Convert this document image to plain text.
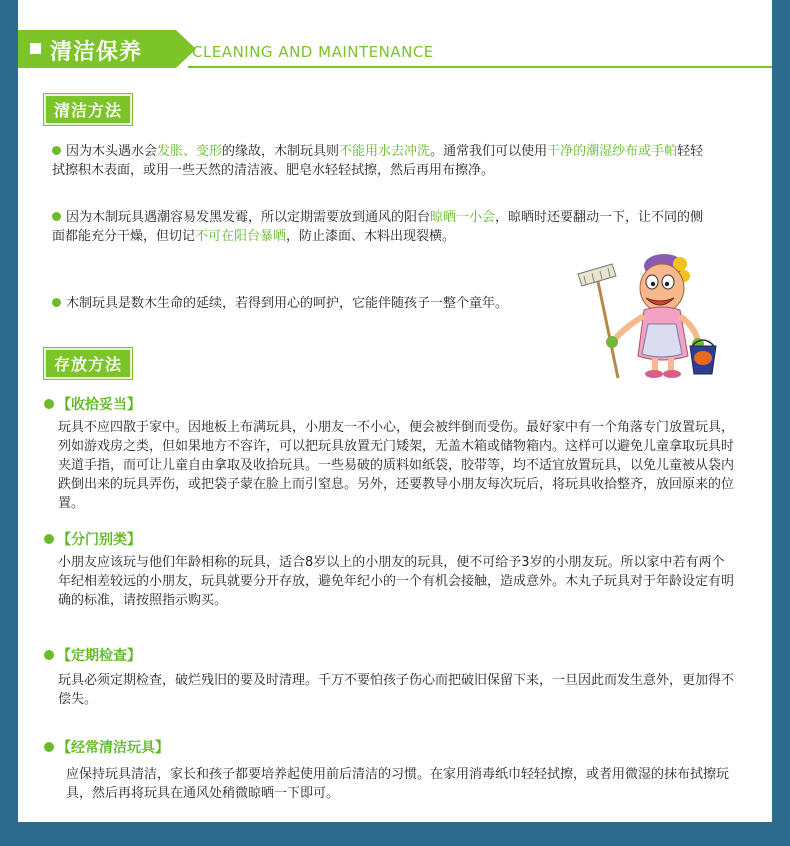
清洁保养	CLEANING AND MAINTENANCE
清洁方法
因为木头遇水会发胀、变形的缘故，木制玩具则不能用水去冲洗。通常我们可以使用干净的潮湿纱布或手帕轻轻拭擦积木表面，或用一些天然的清洁液、肥皂水轻轻拭擦，然后再用布擦净。
因为木制玩具遇潮容易发黑发霉，所以定期需要放到通风的阳台晾晒一小会，晾晒时还要翻动一下，让不同的侧面都能充分干燥，但切记不可在阳台暴晒，防止漆面、木料出现裂横。
木制玩具是数木生命的延续，若得到用心的呵护，它能伴随孩子一整个童年。
存放方法
【收拾妥当】
玩具不应四散于家中。因地板上布满玩具，小朋友一不小心，便会被绊倒而受伤。最好家中有一个角落专门放置玩具，列如游戏房之类，但如果地方不容许，可以把玩具放置无门矮架，无盖木箱或储物箱内。这样可以避免儿童拿取玩具时夹道手指，而可让儿童自由拿取及收拾玩具。一些易破的质料如纸袋，胶带等，均不适宜放置玩具，以免儿童被从袋内跌倒出来的玩具弄伤，或把袋子蒙在脸上而引窒息。另外，还要教导小朋友每次玩后，将玩具收拾整齐，放回原来的位置。
【分门别类】
小朋友应该玩与他们年龄相称的玩具，适合8岁以上的小朋友的玩具，便不可给予3岁的小朋友玩。所以家中若有两个年纪相差较远的小朋友，玩具就要分开存放，避免年纪小的一个有机会接触，造成意外。木丸子玩具对于年龄设定有明确的标准，请按照指示购买。
【定期检查】
玩具必须定期检查，破烂残旧的要及时清理。千万不要怕孩子伤心而把破旧保留下来，一旦因此而发生意外，更加得不偿失。
【经常清洁玩具】
应保持玩具清洁，家长和孩子都要培养起使用前后清洁的习惯。在家用消毒纸巾轻轻拭擦，或者用微湿的抹布拭擦玩具，然后再将玩具在通风处稍微晾晒一下即可。
